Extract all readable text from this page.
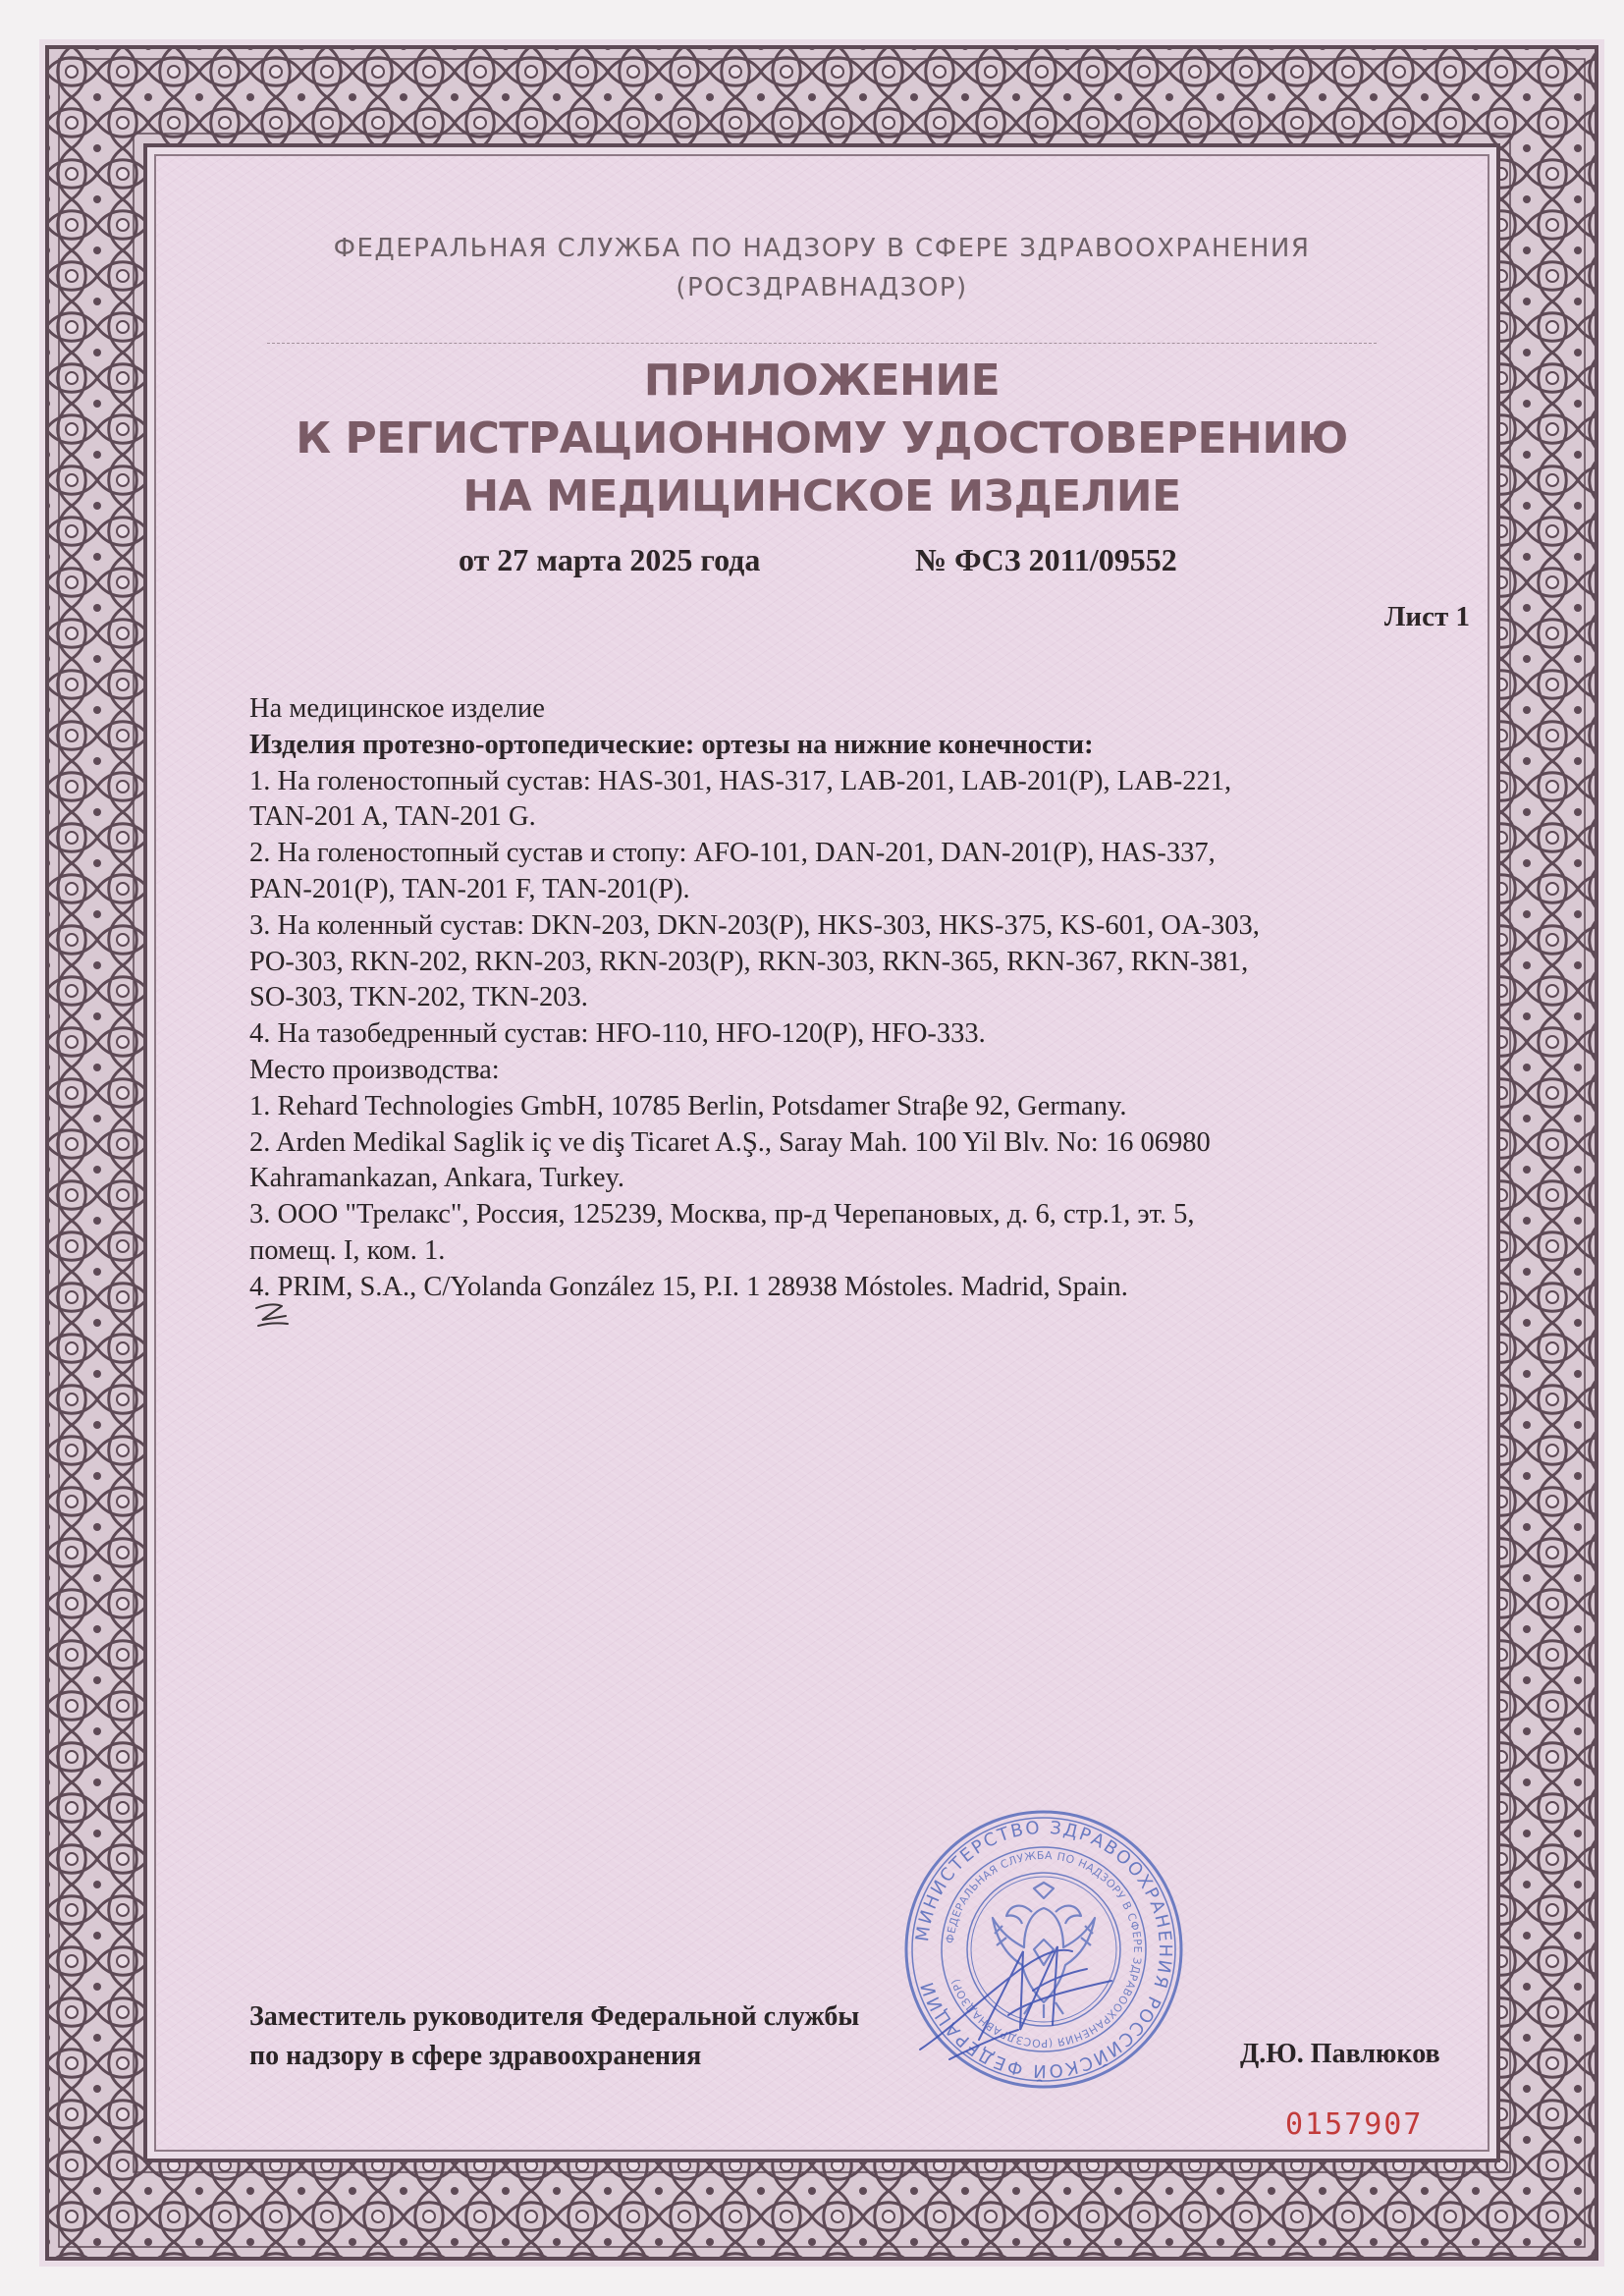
ФЕДЕРАЛЬНАЯ СЛУЖБА ПО НАДЗОРУ В СФЕРЕ ЗДРАВООХРАНЕНИЯ
(РОСЗДРАВНАДЗОР)
ПРИЛОЖЕНИЕ
К РЕГИСТРАЦИОННОМУ УДОСТОВЕРЕНИЮ
НА МЕДИЦИНСКОЕ ИЗДЕЛИЕ
от 27 марта 2025 года	№ ФСЗ 2011/09552
Лист 1
На медицинское изделие
Изделия протезно-ортопедические: ортезы на нижние конечности:
1. На голеностопный сустав: HAS-301, HAS-317, LAB-201, LAB-201(P), LAB-221,
TAN-201 A, TAN-201 G.
2. На голеностопный сустав и стопу: AFO-101, DAN-201, DAN-201(P), HAS-337,
PAN-201(P), TAN-201 F, TAN-201(P).
3. На коленный сустав: DKN-203, DKN-203(P), HKS-303, HKS-375, KS-601, OA-303,
PO-303, RKN-202, RKN-203, RKN-203(P), RKN-303, RKN-365, RKN-367, RKN-381,
SO-303, TKN-202, TKN-203.
4. На тазобедренный сустав: HFO-110, HFO-120(P), HFO-333.
Место производства:
1. Rehard Technologies GmbH, 10785 Berlin, Potsdamer Straβe 92, Germany.
2. Arden Medikal Saglik iç ve diş Ticaret A.Ş., Saray Mah. 100 Yil Blv. No: 16 06980
Kahramankazan, Ankara, Turkey.
3. ООО "Трелакс", Россия, 125239, Москва, пр-д Черепановых, д. 6, стр.1, эт. 5,
помещ. I, ком. 1.
4. PRIM, S.A., C/Yolanda González 15, P.I. 1 28938 Móstoles. Madrid, Spain.
МИНИСТЕРСТВО ЗДРАВООХРАНЕНИЯ РОССИЙСКОЙ ФЕДЕРАЦИИ
ФЕДЕРАЛЬНАЯ СЛУЖБА ПО НАДЗОРУ В СФЕРЕ ЗДРАВООХРАНЕНИЯ (РОСЗДРАВНАДЗОР)
Заместитель руководителя Федеральной службы
по надзору в сфере здравоохранения	Д.Ю. Павлюков
0157907
